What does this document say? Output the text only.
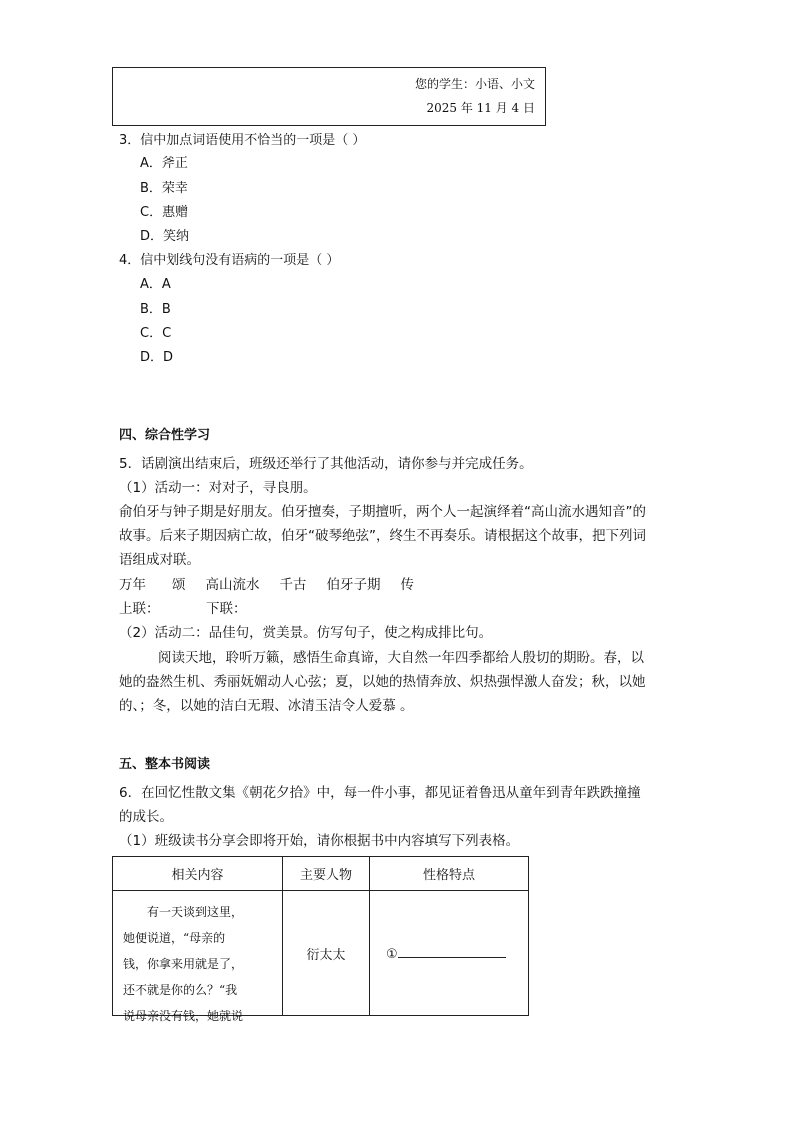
您的学生：小语、小文
2025 年 11 月 4 日
3．信中加点词语使用不恰当的一项是（ ）
A．斧正
B．荣幸
C．惠赠
D．笑纳
4．信中划线句没有语病的一项是（ ）
A．A
B．B
C．C
D．D
四、综合性学习
5．话剧演出结束后，班级还举行了其他活动，请你参与并完成任务。
（1）活动一：对对子，寻良朋。
俞伯牙与钟子期是好朋友。伯牙擅奏，子期擅听，两个人一起演绎着“高山流水遇知音”的
故事。后来子期因病亡故，伯牙“破琴绝弦”，终生不再奏乐。请根据这个故事，把下列词
语组成对联。
万年 颂 高山流水 千古 伯牙子期 传
上联：	下联：
（2）活动二：品佳句，赏美景。仿写句子，使之构成排比句。
阅读天地，聆听万籁，感悟生命真谛，大自然一年四季都给人殷切的期盼。春，以
她的盎然生机、秀丽妩媚动人心弦；夏，以她的热情奔放、炽热强悍激人奋发；秋，以她
的、；冬，以她的洁白无瑕、冰清玉洁令人爱慕 。
五、整本书阅读
6．在回忆性散文集《朝花夕拾》中，每一件小事，都见证着鲁迅从童年到青年跌跌撞撞
的成长。
（1）班级读书分享会即将开始，请你根据书中内容填写下列表格。
相关内容	主要人物	性格特点

　　有一天谈到这里，
她便说道，“母亲的
钱，你拿来用就是了，
还不就是你的么？“我
说母亲没有钱，她就说	衍太太	①
